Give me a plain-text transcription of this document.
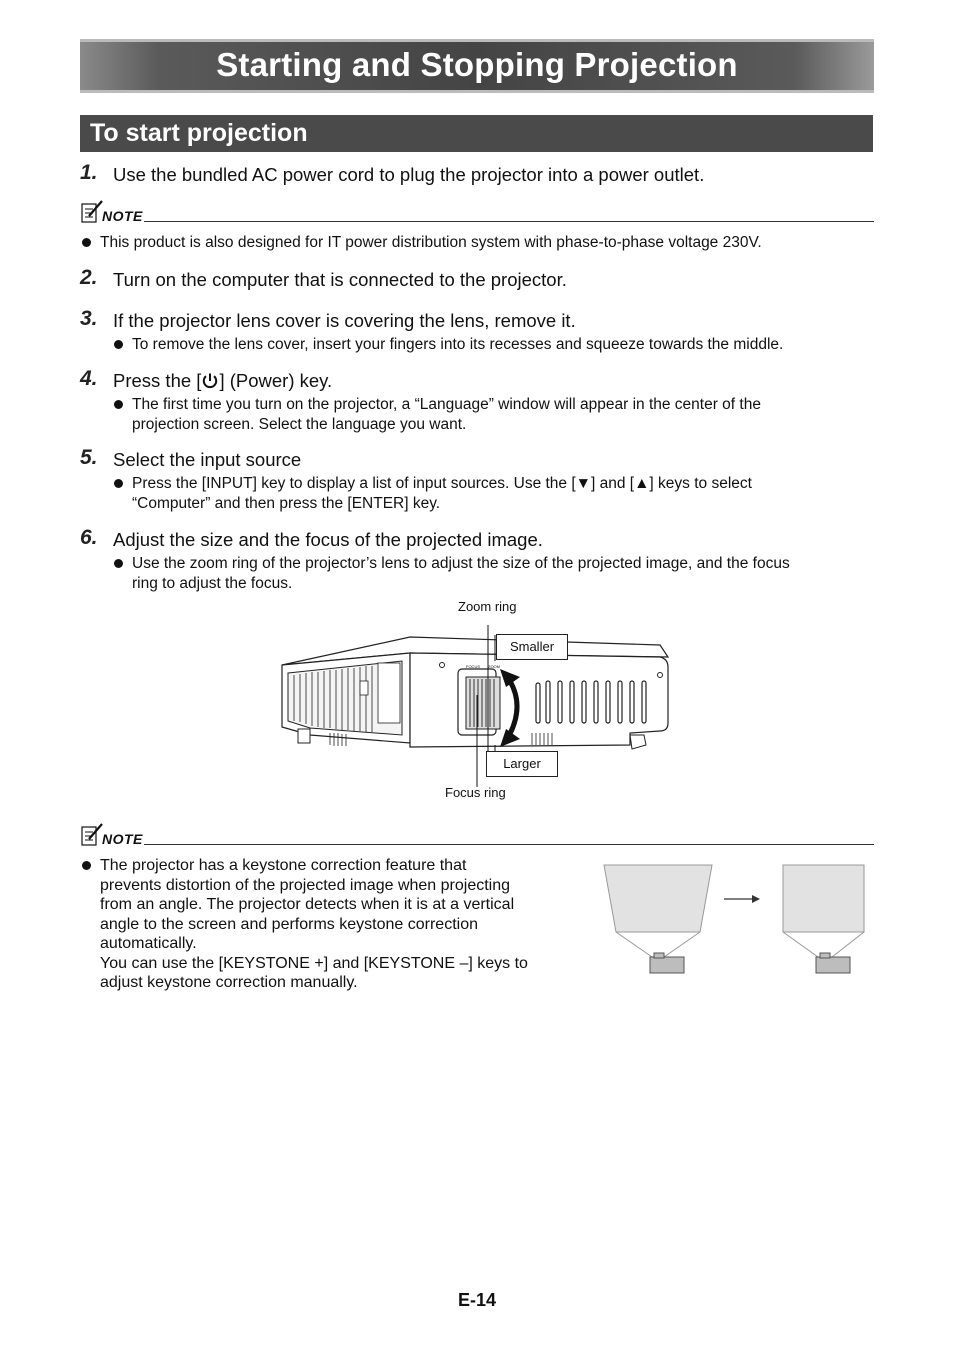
Starting and Stopping Projection
To start projection
1. Use the bundled AC power cord to plug the projector into a power outlet.
NOTE
This product is also designed for IT power distribution system with phase-to-phase voltage 230V.
2. Turn on the computer that is connected to the projector.
3. If the projector lens cover is covering the lens, remove it.
To remove the lens cover, insert your fingers into its recesses and squeeze towards the middle.
4. Press the [ ] (Power) key.
The first time you turn on the projector, a “Language” window will appear in the center of the
projection screen. Select the language you want.
5. Select the input source
Press the [INPUT] key to display a list of input sources. Use the [▼] and [▲] keys to select
“Computer” and then press the [ENTER] key.
6. Adjust the size and the focus of the projected image.
Use the zoom ring of the projector’s lens to adjust the size of the projected image, and the focus
ring to adjust the focus.
Zoom ring
Focus ring
FOCUS ZOOM
Smaller
Larger
NOTE
The projector has a keystone correction feature that
prevents distortion of the projected image when projecting
from an angle. The projector detects when it is at a vertical
angle to the screen and performs keystone correction
automatically.
You can use the [KEYSTONE +] and [KEYSTONE –] keys to
adjust keystone correction manually.
E-14
